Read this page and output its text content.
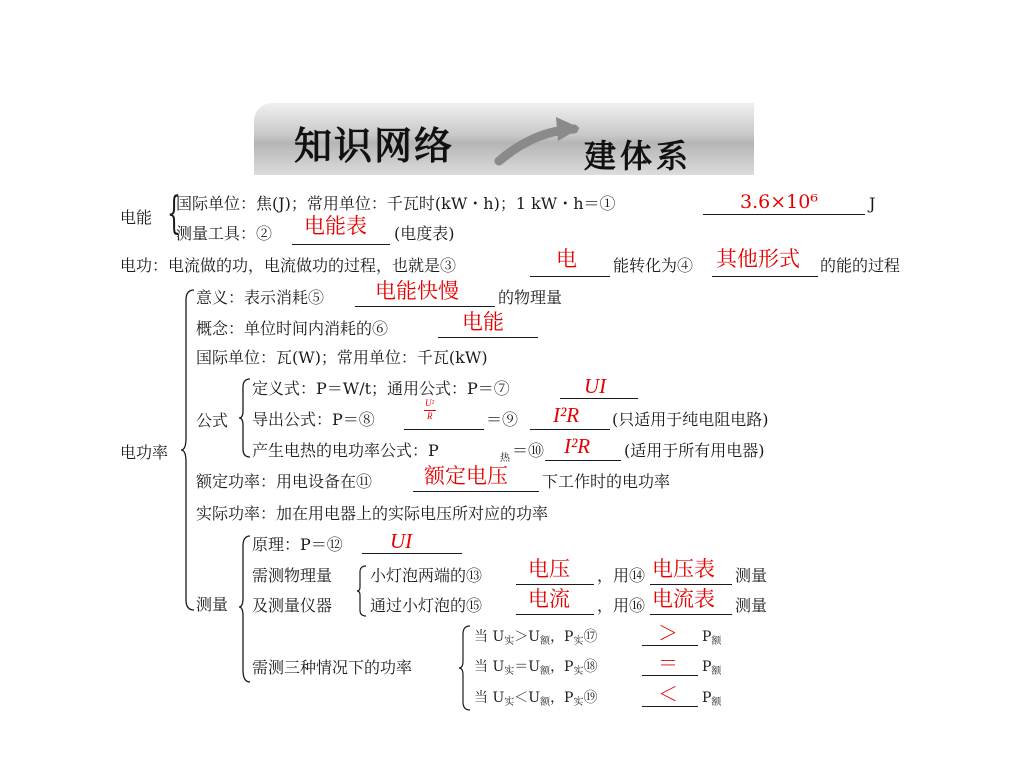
知识网络	建体系
电能 {
国际单位：焦(J)；常用单位：千瓦时(kW・h)；1 kW・h＝①	3.6×10⁶	J
测量工具：② 电能表 (电度表)
电功：电流做的功，电流做功的过程，也就是③	电 能转化为④ 其他形式 的能的过程
电功率
意义：表示消耗⑤ 电能快慢 的物理量
概念：单位时间内消耗的⑥	电能
国际单位：瓦(W)；常用单位：千瓦(kW)
公式
定义式：P＝W/t；通用公式：P＝⑦	UI
导出公式：P＝⑧
U²
R	＝⑨ I²R (只适用于纯电阻电路)
产生电热的电功率公式：P	热 ＝⑩ I²R (适用于所有用电器)
额定功率：用电设备在⑪ 额定电压 下工作时的电功率
实际功率：加在用电器上的实际电压所对应的功率
测量
原理：P＝⑫ UI
需测物理量
及测量仪器
小灯泡两端的⑬ 电压 ，用⑭ 电压表 测量
通过小灯泡的⑮ 电流 ，用⑯ 电流表 测量
需测三种情况下的功率
当 $U_实>U_额$，$P_实⑰$	＞ $P_额$
当 $U_实=U_额$，$P_实⑱$	＝ $P_额$
当 $U_实<U_额$，$P_实⑲$	＜ $P_额$
